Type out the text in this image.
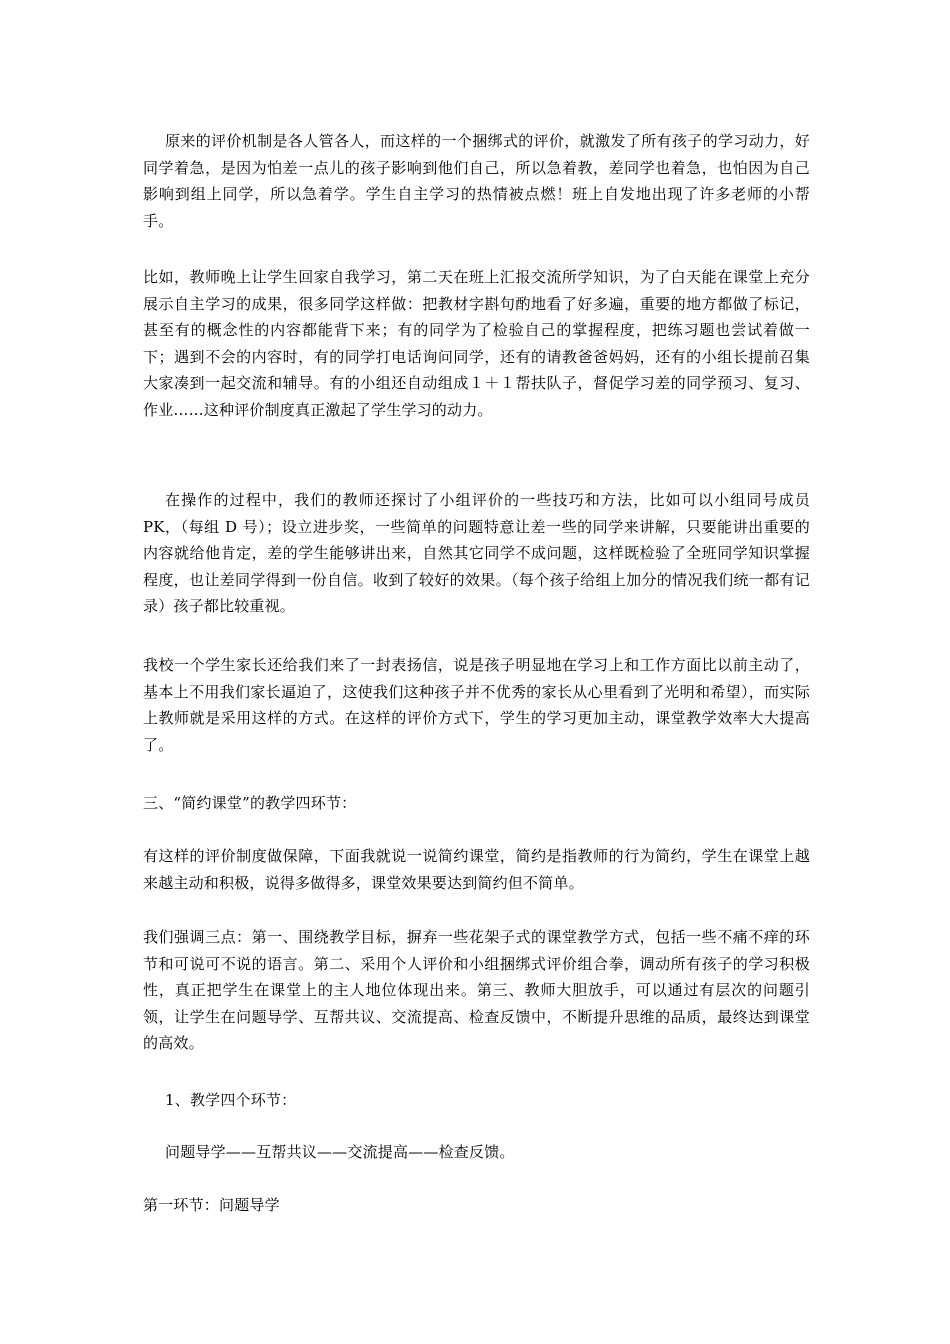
原来的评价机制是各人管各人，而这样的一个捆绑式的评价，就激发了所有孩子的学习动力，好同学着急，是因为怕差一点儿的孩子影响到他们自己，所以急着教，差同学也着急，也怕因为自己影响到组上同学，所以急着学。学生自主学习的热情被点燃！班上自发地出现了许多老师的小帮手。

比如，教师晚上让学生回家自我学习，第二天在班上汇报交流所学知识，为了白天能在课堂上充分展示自主学习的成果，很多同学这样做：把教材字斟句酌地看了好多遍，重要的地方都做了标记，甚至有的概念性的内容都能背下来；有的同学为了检验自己的掌握程度，把练习题也尝试着做一下；遇到不会的内容时，有的同学打电话询问同学，还有的请教爸爸妈妈，还有的小组长提前召集大家凑到一起交流和辅导。有的小组还自动组成１＋１帮扶队子，督促学习差的同学预习、复习、作业……这种评价制度真正激起了学生学习的动力。

在操作的过程中，我们的教师还探讨了小组评价的一些技巧和方法，比如可以小组同号成员 PK，（每组 D 号）；设立进步奖，一些简单的问题特意让差一些的同学来讲解，只要能讲出重要的内容就给他肯定，差的学生能够讲出来，自然其它同学不成问题，这样既检验了全班同学知识掌握程度，也让差同学得到一份自信。收到了较好的效果。（每个孩子给组上加分的情况我们统一都有记录）孩子都比较重视。

我校一个学生家长还给我们来了一封表扬信，说是孩子明显地在学习上和工作方面比以前主动了，基本上不用我们家长逼迫了，这使我们这种孩子并不优秀的家长从心里看到了光明和希望），而实际上教师就是采用这样的方式。在这样的评价方式下，学生的学习更加主动，课堂教学效率大大提高了。

三、“简约课堂”的教学四环节：

有这样的评价制度做保障，下面我就说一说简约课堂，简约是指教师的行为简约，学生在课堂上越来越主动和积极，说得多做得多，课堂效果要达到简约但不简单。

我们强调三点：第一、围绕教学目标，摒弃一些花架子式的课堂教学方式，包括一些不痛不痒的环节和可说可不说的语言。第二、采用个人评价和小组捆绑式评价组合拳，调动所有孩子的学习积极性，真正把学生在课堂上的主人地位体现出来。第三、教师大胆放手，可以通过有层次的问题引领，让学生在问题导学、互帮共议、交流提高、检查反馈中，不断提升思维的品质，最终达到课堂的高效。

1、教学四个环节：

问题导学——互帮共议——交流提高——检查反馈。

第一环节：问题导学
